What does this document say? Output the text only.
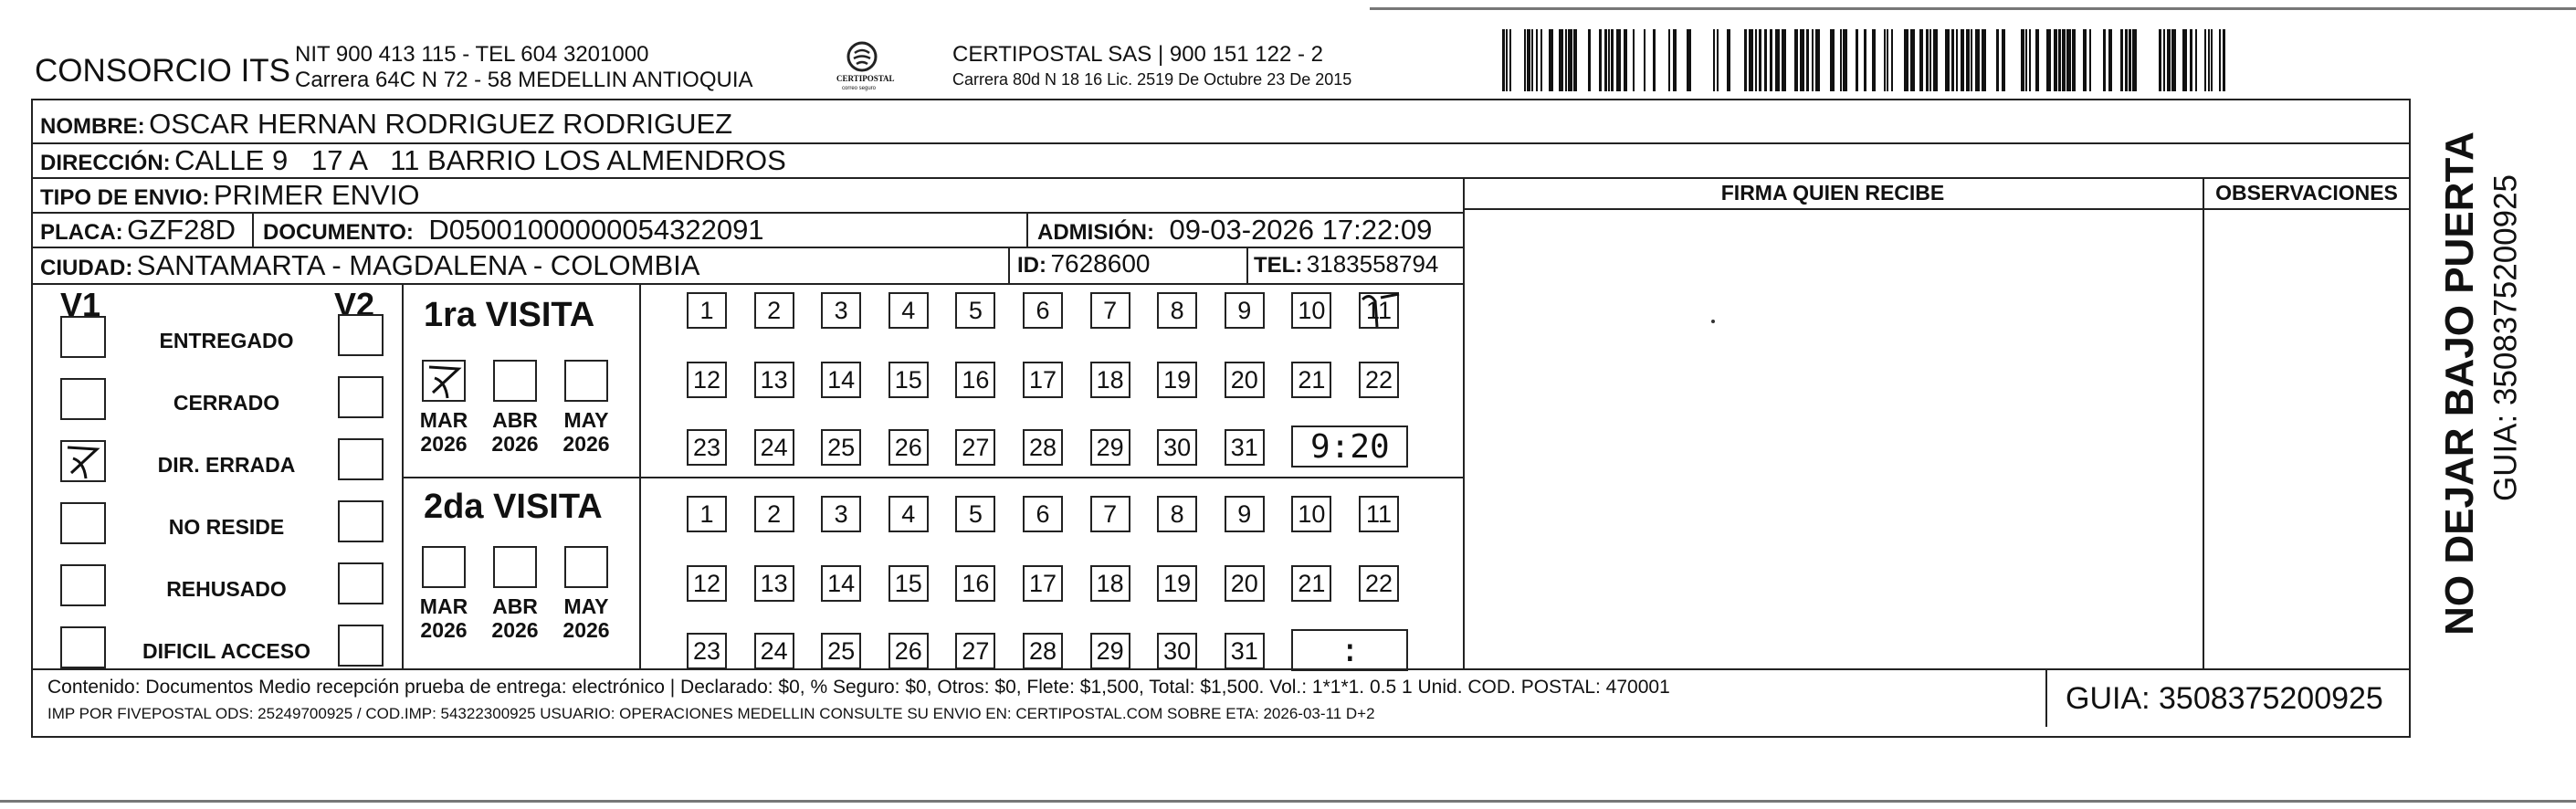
CONSORCIO ITS NIT 900 413 115 - TEL 604 3201000
Carrera 64C N 72 - 58 MEDELLIN ANTIOQUIA	CERTIPOSTAL
correo seguro
CERTIPOSTAL SAS | 900 151 122 - 2
Carrera 80d N 18 16 Lic. 2519 De Octubre 23 De 2015
NOMBRE: OSCAR HERNAN RODRIGUEZ RODRIGUEZ
DIRECCIÓN: CALLE 9   17 A   11 BARRIO LOS ALMENDROS
TIPO DE ENVIO: PRIMER ENVIO
PLACA: GZF28D DOCUMENTO: D05001000000054322091	ADMISIÓN: 09-03-2026 17:22:09
CIUDAD: SANTAMARTA - MAGDALENA - COLOMBIA	ID: 7628600	TEL: 3183558794
FIRMA QUIEN RECIBE	OBSERVACIONES
V1	V2
ENTREGADO
CERRADO
DIR. ERRADA
NO RESIDE
REHUSADO
DIFICIL ACCESO
1ra VISITA
2da VISITA
MAR
2026
ABR
2026
MAY
2026
MAR
2026
ABR
2026
MAY
2026
1 2 3 4 5 6 7 8 9 10 11
12 13 14 15 16 17 18 19 20 21 22
23 24 25 26 27 28 29 30 31 9:20
1 2 3 4 5 6 7 8 9 10 11
12 13 14 15 16 17 18 19 20 21 22
23 24 25 26 27 28 29 30 31 :
Contenido: Documentos Medio recepción prueba de entrega: electrónico | Declarado: $0, % Seguro: $0, Otros: $0, Flete: $1,500, Total: $1,500. Vol.: 1*1*1. 0.5 1 Unid. COD. POSTAL: 470001
IMP POR FIVEPOSTAL ODS: 25249700925 / COD.IMP: 54322300925 USUARIO: OPERACIONES MEDELLIN CONSULTE SU ENVIO EN: CERTIPOSTAL.COM SOBRE ETA: 2026-03-11 D+2	GUIA: 3508375200925
NO DEJAR BAJO PUERTA GUIA: 3508375200925
